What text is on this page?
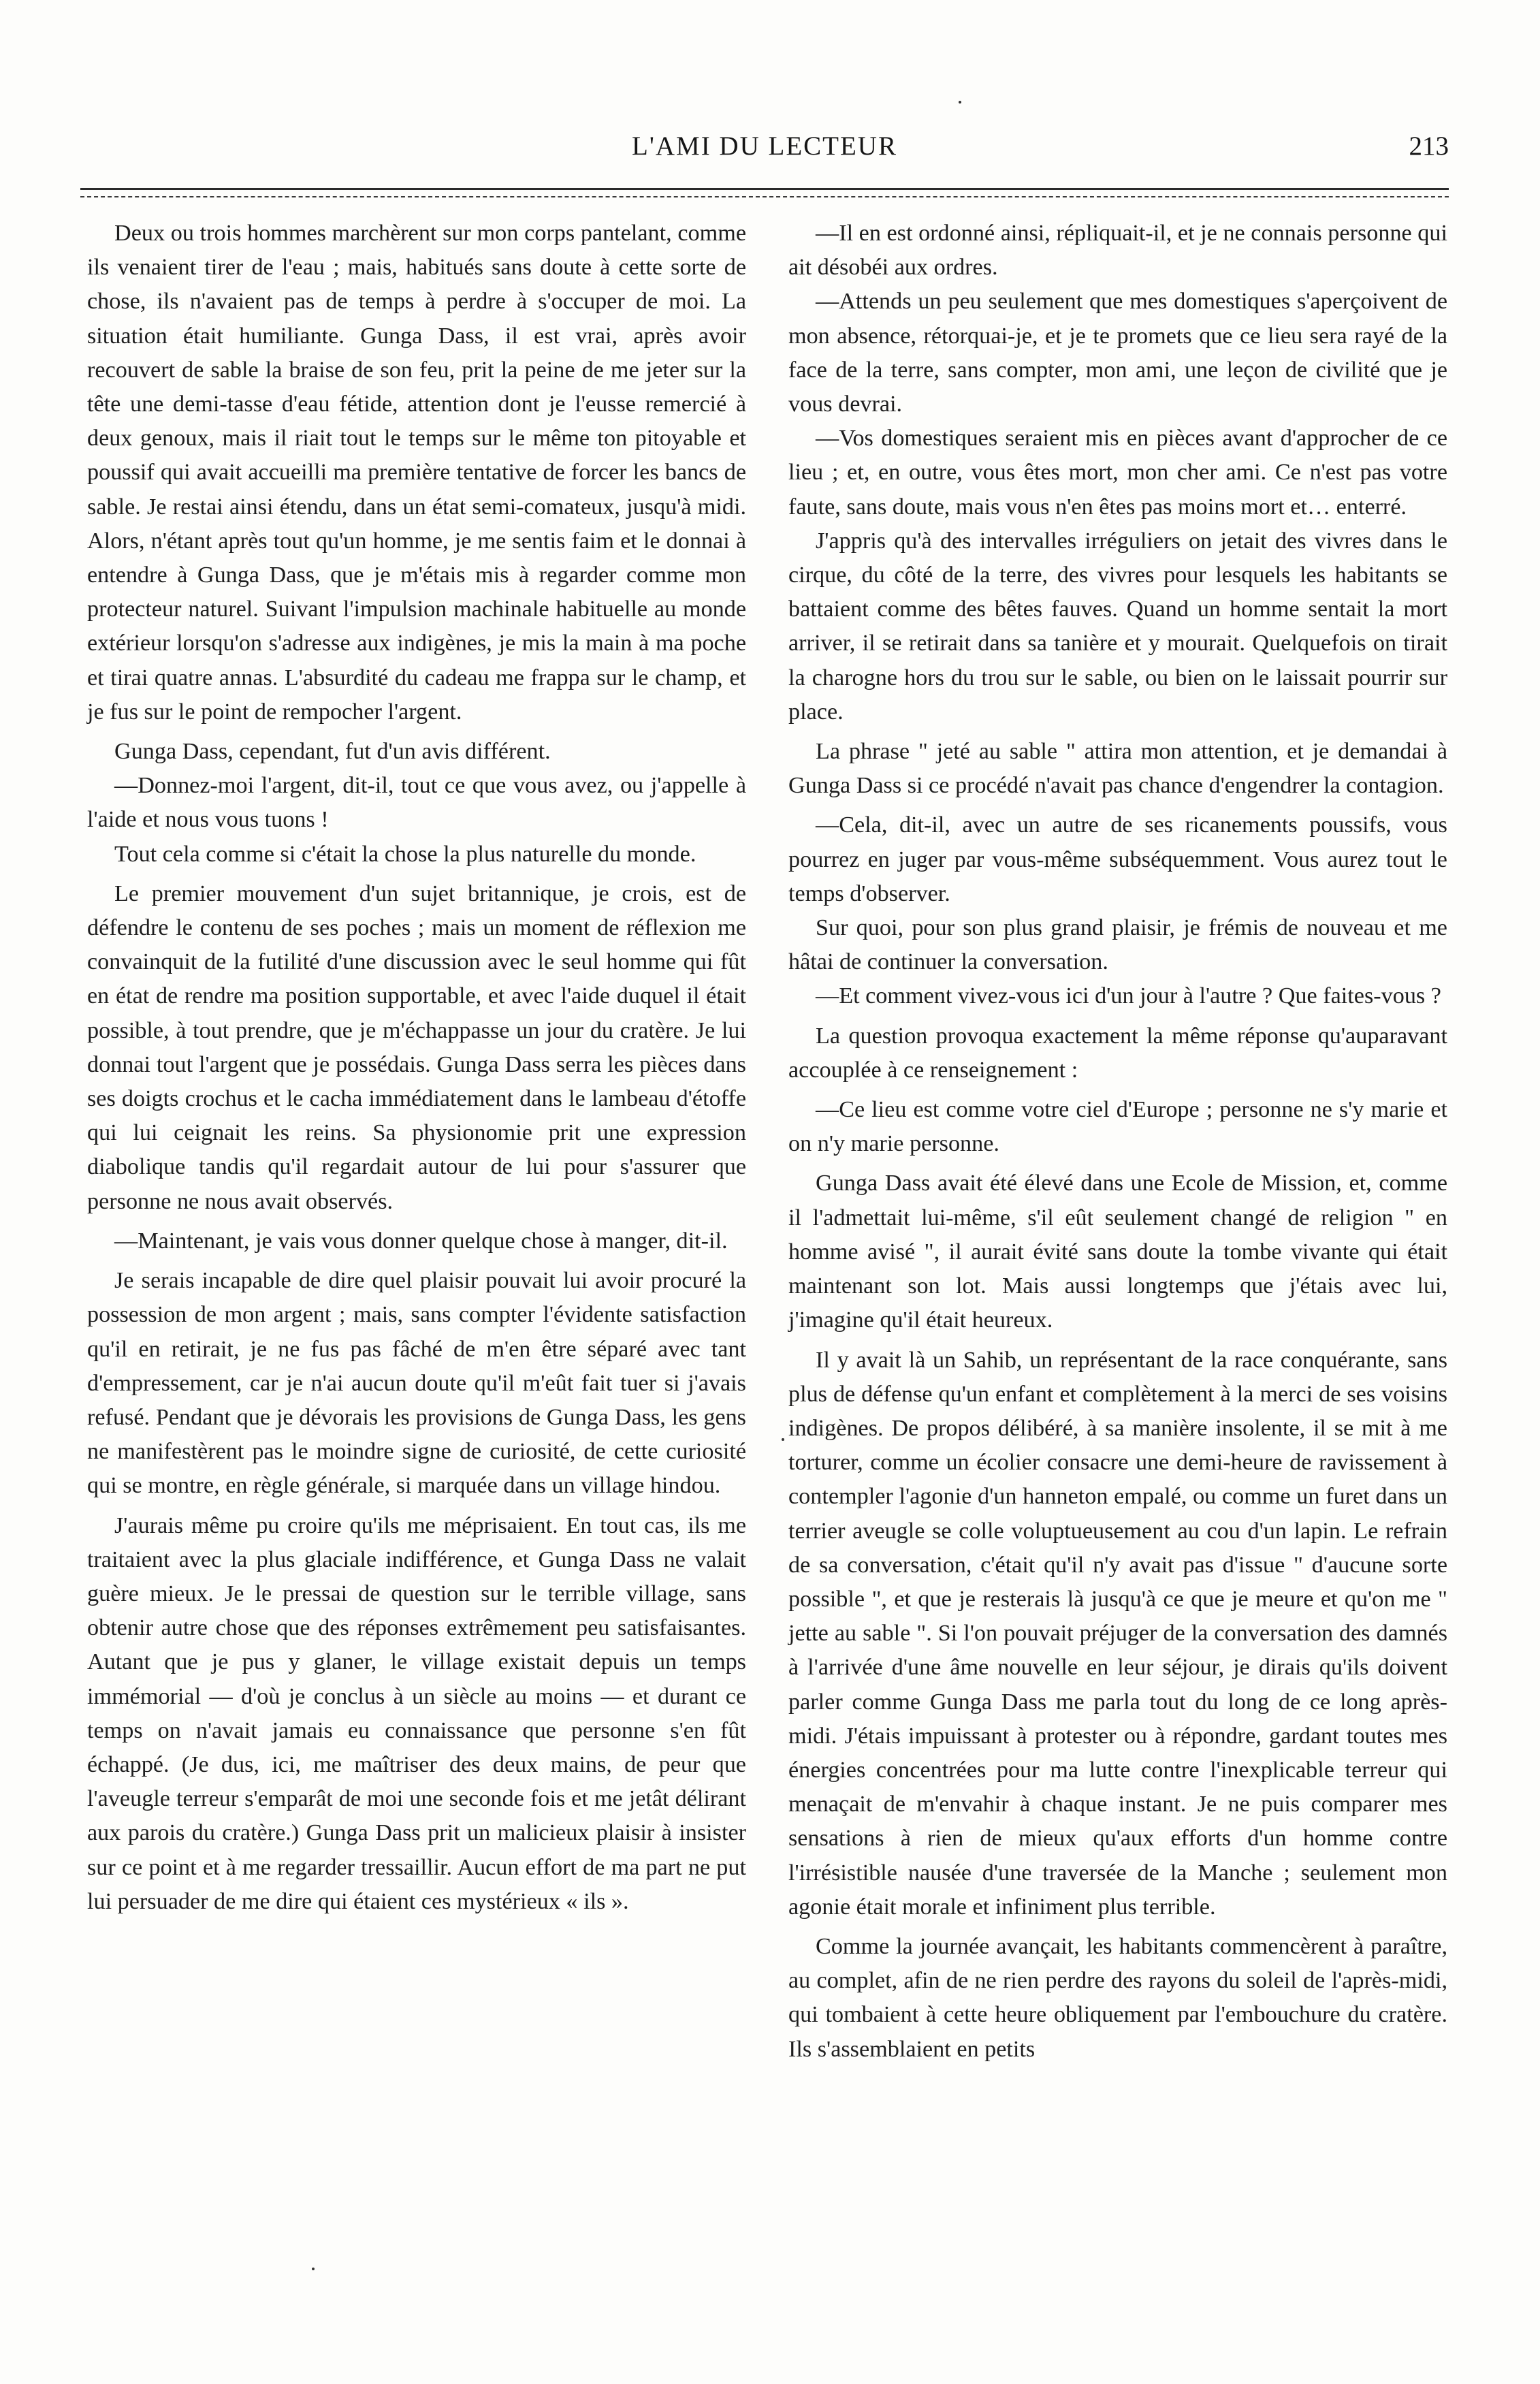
L'AMI DU LECTEUR	213

Deux ou trois hommes marchèrent sur mon corps pantelant, comme ils venaient tirer de l'eau ; mais, habitués sans doute à cette sorte de chose, ils n'avaient pas de temps à perdre à s'occuper de moi. La situation était humiliante. Gunga Dass, il est vrai, après avoir recouvert de sable la braise de son feu, prit la peine de me jeter sur la tête une demi-tasse d'eau fétide, attention dont je l'eusse remercié à deux genoux, mais il riait tout le temps sur le même ton pitoyable et poussif qui avait accueilli ma première tentative de forcer les bancs de sable. Je restai ainsi étendu, dans un état semi-comateux, jusqu'à midi. Alors, n'étant après tout qu'un homme, je me sentis faim et le donnai à entendre à Gunga Dass, que je m'étais mis à regarder comme mon protecteur naturel. Suivant l'impulsion machinale habituelle au monde extérieur lorsqu'on s'adresse aux indigènes, je mis la main à ma poche et tirai quatre annas. L'absurdité du cadeau me frappa sur le champ, et je fus sur le point de rempocher l'argent.

Gunga Dass, cependant, fut d'un avis différent.

—Donnez-moi l'argent, dit-il, tout ce que vous avez, ou j'appelle à l'aide et nous vous tuons !

Tout cela comme si c'était la chose la plus naturelle du monde.

Le premier mouvement d'un sujet britannique, je crois, est de défendre le contenu de ses poches ; mais un moment de réflexion me convainquit de la futilité d'une discussion avec le seul homme qui fût en état de rendre ma position supportable, et avec l'aide duquel il était possible, à tout prendre, que je m'échappasse un jour du cratère. Je lui donnai tout l'argent que je possédais. Gunga Dass serra les pièces dans ses doigts crochus et le cacha immédiatement dans le lambeau d'étoffe qui lui ceignait les reins. Sa physionomie prit une expression diabolique tandis qu'il regardait autour de lui pour s'assurer que personne ne nous avait observés.

—Maintenant, je vais vous donner quelque chose à manger, dit-il.

Je serais incapable de dire quel plaisir pouvait lui avoir procuré la possession de mon argent ; mais, sans compter l'évidente satisfaction qu'il en retirait, je ne fus pas fâché de m'en être séparé avec tant d'empressement, car je n'ai aucun doute qu'il m'eût fait tuer si j'avais refusé. Pendant que je dévorais les provisions de Gunga Dass, les gens ne manifestèrent pas le moindre signe de curiosité, de cette curiosité qui se montre, en règle générale, si marquée dans un village hindou.

J'aurais même pu croire qu'ils me méprisaient. En tout cas, ils me traitaient avec la plus glaciale indifférence, et Gunga Dass ne valait guère mieux. Je le pressai de question sur le terrible village, sans obtenir autre chose que des réponses extrêmement peu satisfaisantes. Autant que je pus y glaner, le village existait depuis un temps immémorial — d'où je conclus à un siècle au moins — et durant ce temps on n'avait jamais eu connaissance que personne s'en fût échappé. (Je dus, ici, me maîtriser des deux mains, de peur que l'aveugle terreur s'emparât de moi une seconde fois et me jetât délirant aux parois du cratère.) Gunga Dass prit un malicieux plaisir à insister sur ce point et à me regarder tressaillir. Aucun effort de ma part ne put lui persuader de me dire qui étaient ces mystérieux « ils ».

—Il en est ordonné ainsi, répliquait-il, et je ne connais personne qui ait désobéi aux ordres.

—Attends un peu seulement que mes domestiques s'aperçoivent de mon absence, rétorquai-je, et je te promets que ce lieu sera rayé de la face de la terre, sans compter, mon ami, une leçon de civilité que je vous devrai.

—Vos domestiques seraient mis en pièces avant d'approcher de ce lieu ; et, en outre, vous êtes mort, mon cher ami. Ce n'est pas votre faute, sans doute, mais vous n'en êtes pas moins mort et… enterré.

J'appris qu'à des intervalles irréguliers on jetait des vivres dans le cirque, du côté de la terre, des vivres pour lesquels les habitants se battaient comme des bêtes fauves. Quand un homme sentait la mort arriver, il se retirait dans sa tanière et y mourait. Quelquefois on tirait la charogne hors du trou sur le sable, ou bien on le laissait pourrir sur place.

La phrase " jeté au sable " attira mon attention, et je demandai à Gunga Dass si ce procédé n'avait pas chance d'engendrer la contagion.

—Cela, dit-il, avec un autre de ses ricanements poussifs, vous pourrez en juger par vous-même subséquemment. Vous aurez tout le temps d'observer.

Sur quoi, pour son plus grand plaisir, je frémis de nouveau et me hâtai de continuer la conversation.

—Et comment vivez-vous ici d'un jour à l'autre ? Que faites-vous ?

La question provoqua exactement la même réponse qu'auparavant accouplée à ce renseignement :

—Ce lieu est comme votre ciel d'Europe ; personne ne s'y marie et on n'y marie personne.

Gunga Dass avait été élevé dans une Ecole de Mission, et, comme il l'admettait lui-même, s'il eût seulement changé de religion " en homme avisé ", il aurait évité sans doute la tombe vivante qui était maintenant son lot. Mais aussi longtemps que j'étais avec lui, j'imagine qu'il était heureux.

Il y avait là un Sahib, un représentant de la race conquérante, sans plus de défense qu'un enfant et complètement à la merci de ses voisins indigènes. De propos délibéré, à sa manière insolente, il se mit à me torturer, comme un écolier consacre une demi-heure de ravissement à contempler l'agonie d'un hanneton empalé, ou comme un furet dans un terrier aveugle se colle voluptueusement au cou d'un lapin. Le refrain de sa conversation, c'était qu'il n'y avait pas d'issue " d'aucune sorte possible ", et que je resterais là jusqu'à ce que je meure et qu'on me " jette au sable ". Si l'on pouvait préjuger de la conversation des damnés à l'arrivée d'une âme nouvelle en leur séjour, je dirais qu'ils doivent parler comme Gunga Dass me parla tout du long de ce long après-midi. J'étais impuissant à protester ou à répondre, gardant toutes mes énergies concentrées pour ma lutte contre l'inexplicable terreur qui menaçait de m'envahir à chaque instant. Je ne puis comparer mes sensations à rien de mieux qu'aux efforts d'un homme contre l'irrésistible nausée d'une traversée de la Manche ; seulement mon agonie était morale et infiniment plus terrible.

Comme la journée avançait, les habitants commencèrent à paraître, au complet, afin de ne rien perdre des rayons du soleil de l'après-midi, qui tombaient à cette heure obliquement par l'embouchure du cratère. Ils s'assemblaient en petits
